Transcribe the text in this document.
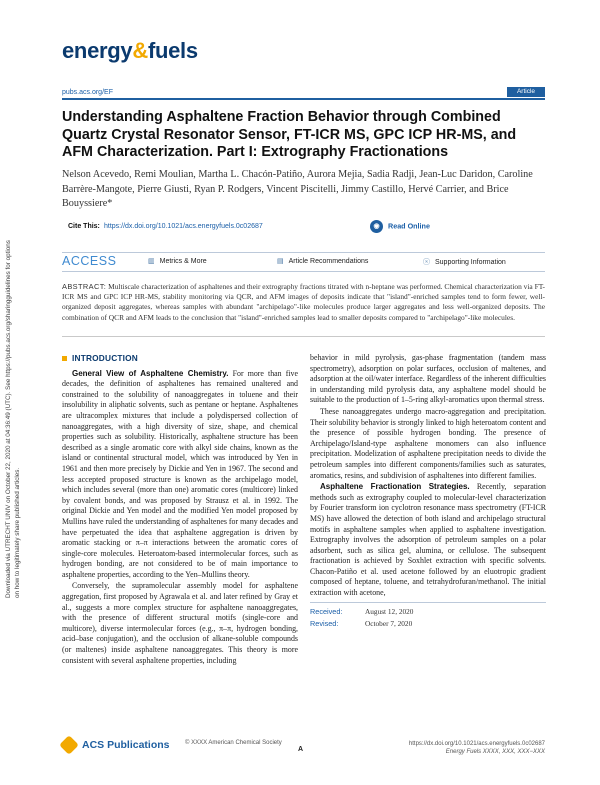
Downloaded via UTRECHT UNIV on October 22, 2020 at 04:36:49 (UTC). See https://pubs.acs.org/sharingguidelines for options on how to legitimately share published articles.
energy&fuels
pubs.acs.org/EF	Article
Understanding Asphaltene Fraction Behavior through Combined Quartz Crystal Resonator Sensor, FT-ICR MS, GPC ICP HR-MS, and AFM Characterization. Part I: Extrography Fractionations
Nelson Acevedo, Remi Moulian, Martha L. Chacón-Patiño, Aurora Mejia, Sadia Radji, Jean-Luc Daridon, Caroline Barrère-Mangote, Pierre Giusti, Ryan P. Rodgers, Vincent Piscitelli, Jimmy Castillo, Hervé Carrier, and Brice Bouyssiere*
Cite This: https://dx.doi.org/10.1021/acs.energyfuels.0c02687	◉ Read Online
ACCESS	▥ Metrics & More	▤ Article Recommendations	ⓢ Supporting Information
ABSTRACT: Multiscale characterization of asphaltenes and their extrography fractions titrated with n-heptane was performed. Chemical characterization via FT-ICR MS and GPC ICP HR-MS, stability monitoring via QCR, and AFM images of deposits indicate that "island"-enriched samples tend to form fewer, well-organized deposit aggregates, whereas samples with abundant "archipelago"-like molecules produce larger aggregates and less well-organized deposits. The combination of QCR and AFM leads to the conclusion that "island"-enriched samples lead to smaller deposits compared to "archipelago"-like molecules.
INTRODUCTION

General View of Asphaltene Chemistry. For more than five decades, the definition of asphaltenes has remained unaltered and constrained to the solubility of nanoaggregates in toluene and their insolubility in aliphatic solvents, such as pentane or heptane. Asphaltenes are ultracomplex mixtures that include a polydispersed collection of nanoaggregates, with a high diversity of size, shape, and chemical properties such as solubility. Historically, asphaltene structure has been described as a single aromatic core with alkyl side chains, known as the island or continental structural model, which was introduced by Yen in 1961 and then more precisely by Dickie and Yen in 1967. The second and less accepted proposed structure is known as the archipelago model, which includes several (more than one) aromatic cores (multicore) linked by covalent bonds, and was proposed by Strausz et al. in 1992. The original Dickie and Yen model and the modified Yen model proposed by Mullins have ruled the understanding of asphaltenes for many decades and have perpetuated the idea that asphaltene aggregation is driven by aromatic stacking or π–π interactions between the aromatic cores of single-core molecules. Heteroatom-based intermolecular forces, such as hydrogen bonding, are not considered to be of main importance to asphaltene properties, according to the Yen–Mullins theory.

Conversely, the supramolecular assembly model for asphaltene aggregation, first proposed by Agrawala et al. and later refined by Gray et al., suggests a more complex structure for asphaltene nanoaggregates, with the presence of different structural motifs (single-core and multicore), diverse intermolecular forces (e.g., π–π, hydrogen bonding, acid–base conjugation), and the occlusion of alkane-soluble compounds (or maltenes) inside asphaltene nanoaggregates. This theory is more consistent with several asphaltene properties, including

behavior in mild pyrolysis, gas-phase fragmentation (tandem mass spectrometry), adsorption on polar surfaces, occlusion of maltenes, and adsorption at the oil/water interface. Regardless of the inherent difficulties in understanding mild pyrolysis data, any asphaltene model should be suitable to the production of 1–5-ring alkyl-aromatics upon thermal stress.

These nanoaggregates undergo macro-aggregation and precipitation. Their solubility behavior is strongly linked to high heteroatom content and the presence of possible hydrogen bonding. The presence of Archipelago/Island-type asphaltene monomers can also influence precipitation. Modelization of asphaltene precipitation needs to divide the petroleum samples into different components/families such as saturates, aromatics, resins, and subdivision of asphaltenes into different families.

Asphaltene Fractionation Strategies. Recently, separation methods such as extrography coupled to molecular-level characterization by Fourier transform ion cyclotron resonance mass spectrometry (FT-ICR MS) have allowed the detection of both island and archipelago structural motifs in asphaltene samples when applied to asphaltene investigation. Extrography involves the adsorption of petroleum samples on a polar adsorbent, such as silica gel, alumina, or cellulose. The subsequent fractionation is achieved by Soxhlet extraction with specific solvents. Chacon-Patiño et al. used acetone followed by an eluotropic gradient composed of heptane, toluene, and tetrahydrofuran/methanol. The initial extraction with acetone,

Received:	August 12, 2020
Revised:	October 7, 2020
ACS Publications	© XXXX American Chemical Society
A
https://dx.doi.org/10.1021/acs.energyfuels.0c02687
Energy Fuels XXXX, XXX, XXX−XXX
